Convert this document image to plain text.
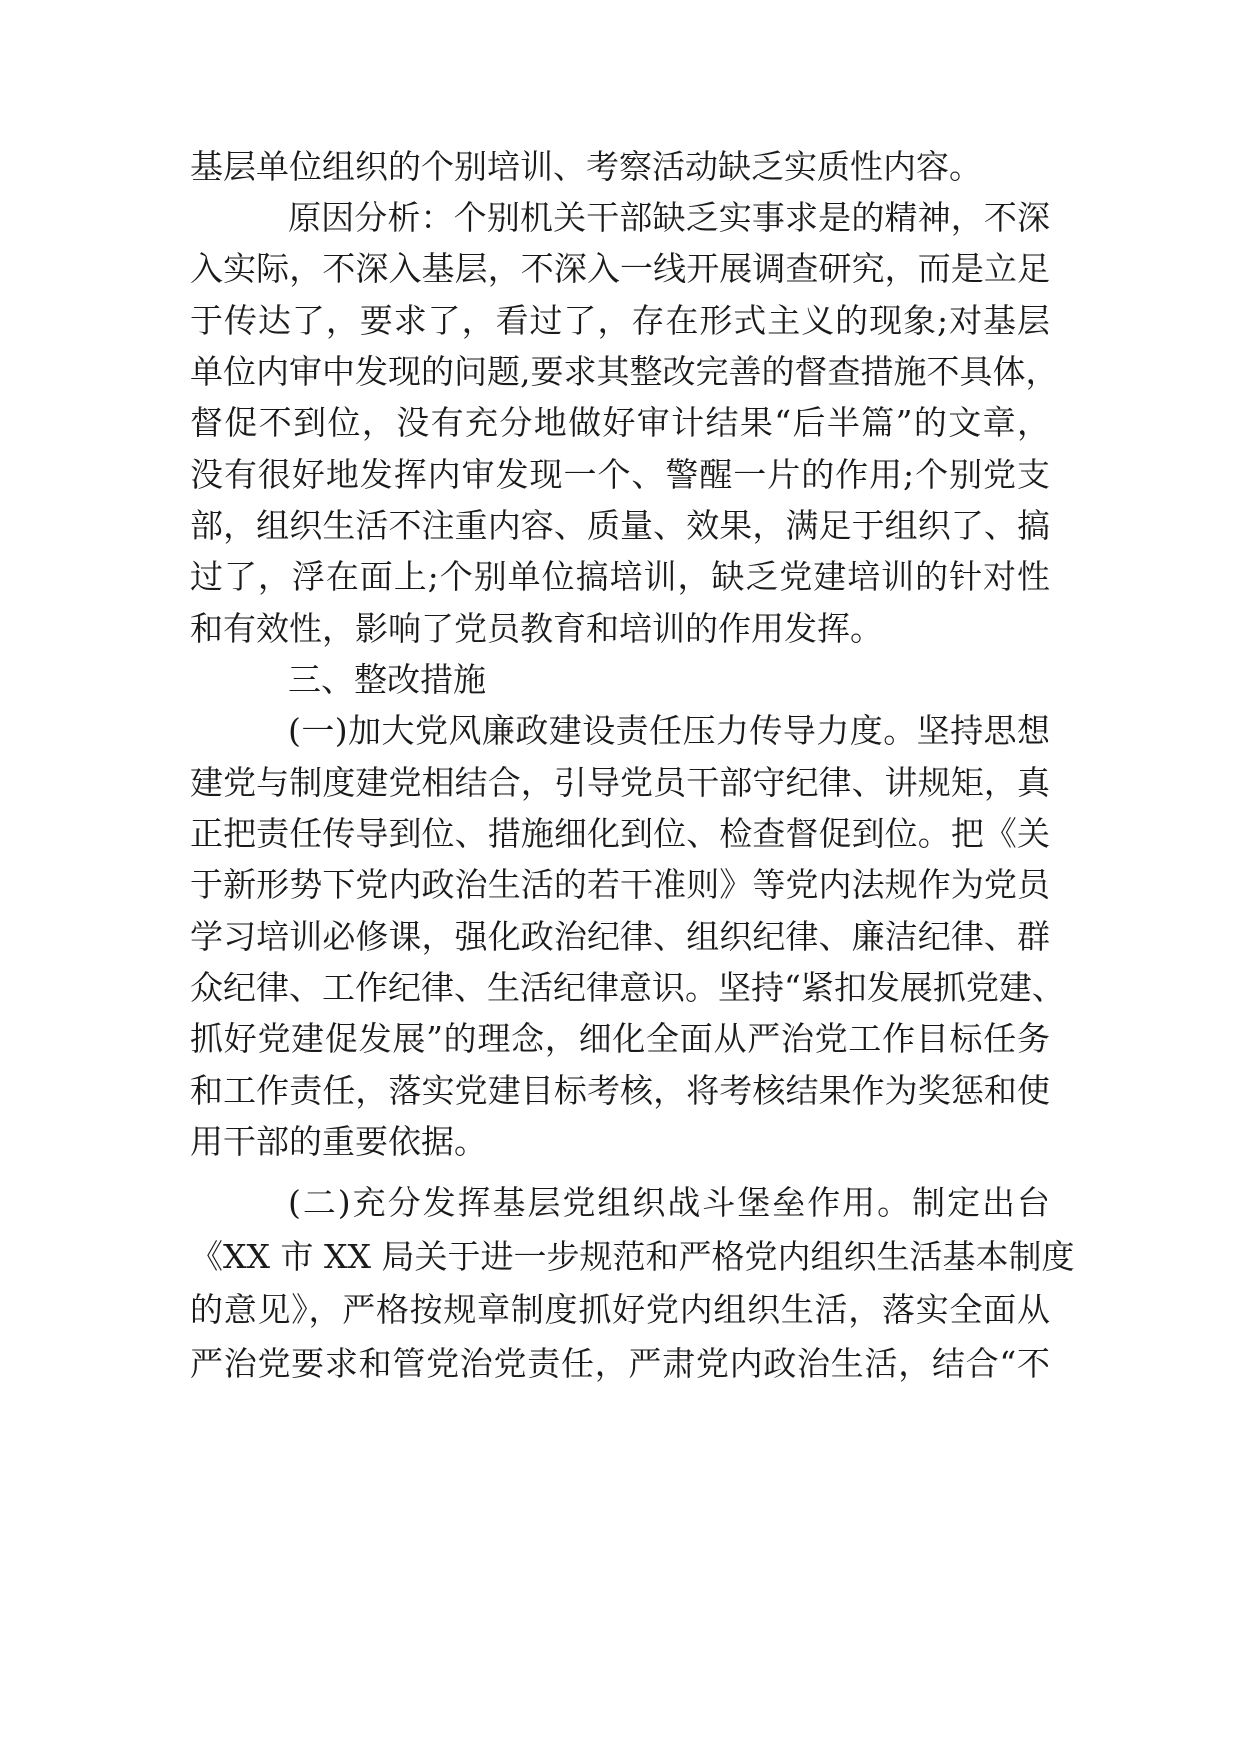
基层单位组织的个别培训、考察活动缺乏实质性内容。
原因分析：个别机关干部缺乏实事求是的精神，不深
入实际，不深入基层，不深入一线开展调查研究，而是立足
于传达了，要求了，看过了，存在形式主义的现象;对基层
单位内审中发现的问题,要求其整改完善的督查措施不具体，
督促不到位，没有充分地做好审计结果“后半篇”的文章，
没有很好地发挥内审发现一个、警醒一片的作用;个别党支
部，组织生活不注重内容、质量、效果，满足于组织了、搞
过了，浮在面上;个别单位搞培训，缺乏党建培训的针对性
和有效性，影响了党员教育和培训的作用发挥。
三、整改措施
(一)加大党风廉政建设责任压力传导力度。坚持思想
建党与制度建党相结合，引导党员干部守纪律、讲规矩，真
正把责任传导到位、措施细化到位、检查督促到位。把《关
于新形势下党内政治生活的若干准则》等党内法规作为党员
学习培训必修课，强化政治纪律、组织纪律、廉洁纪律、群
众纪律、工作纪律、生活纪律意识。坚持“紧扣发展抓党建、
抓好党建促发展”的理念，细化全面从严治党工作目标任务
和工作责任，落实党建目标考核，将考核结果作为奖惩和使
用干部的重要依据。
(二)充分发挥基层党组织战斗堡垒作用。制定出台
《XX 市 XX 局关于进一步规范和严格党内组织生活基本制度
的意见》，严格按规章制度抓好党内组织生活，落实全面从
严治党要求和管党治党责任，严肃党内政治生活，结合“不
